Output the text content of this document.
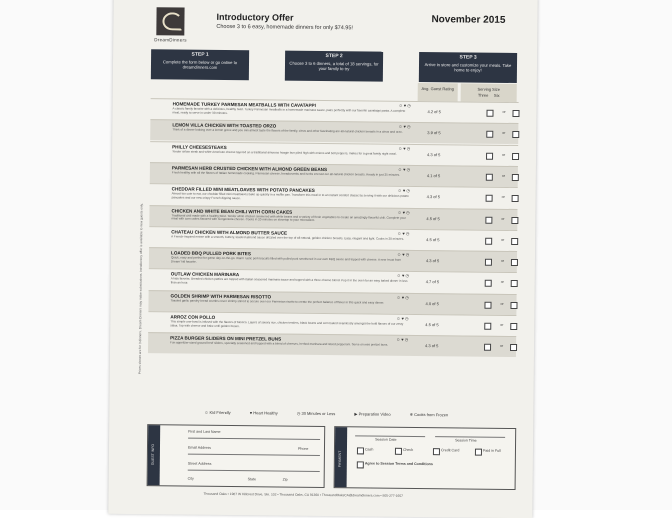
DreamDinners
Introductory Offer
Choose 3 to 6 easy, homemade dinners for only $74.95!
November 2015
STEP 1
Complete the form below or go online to dreamdinners.com
STEP 2
Choose 3 to 6 dinners, a total of 18 servings, for your family to try
STEP 3
Arrive in store and customize your meals. Take home to enjoy!
Avg. Guest Rating	Serving Size
Three Six
Prices shown are for 3 dinners. Dream Dinners may make substitutions. Introductory offer is available to new guests only.
HOMEMADE TURKEY PARMESAN MEATBALLS WITH CAVATAPPI
A classic family favorite with a delicious, healthy twist. Turkey Parmesan meatballs in a homemade marinara sauce, pairs perfectly with our favorite cavatappi pasta. A complete meal, ready to serve in under 30 minutes.
☺ ♥ ◷
4.2 of 5	or
LEMON VILLA CHICKEN WITH TOASTED ORZO
Think of a dinner looking over a lemon grove and you can almost taste the flavors of the family, citrus and other fascinating are all-natural chicken breasts in a citrus and orzo.
☺ ♥ ◷
3.9 of 5	or
PHILLY CHEESESTEAKS
Tender sirloin steak and white American cheese layered on a traditional amoroso hoagie bun piled high with onions and bell peppers, makes for a great family night meal.
☺ ♥ ◷
4.3 of 5	or
PARMESAN HERB CRUSTED CHICKEN WITH ALMOND GREEN BEANS
Fresh healthy with all the flavors of Italian homemade cooking. Parmesan cheese, breadcrumbs and herbs encrust our all-natural chicken breasts. Ready in just 25 minutes.
☺ ♥ ◷
4.1 of 5	or
CHEDDAR FILLED MINI MEATLOAVES WITH POTATO PANCAKES
Almost too cute to eat, our cheddar filled mini meatloaves bake up quickly in a muffin pan. Transform this meal in to an instant comfort classic by serving it with our delicious potato pancakes and our new crispy French dipping sauce.
☺ ♥ ◷
4.3 of 5	or
CHICKEN AND WHITE BEAN CHILI WITH CORN CAKES
Traditional chili made with a healthy twist. Tender white chicken simmered with white beans and a variety of fresh vegetables to create an amazingly flavorful chili. Complete your meal with corn cakes flavored with Gorgonzola cheese. Cooks in 20 minutes on stovetop to your microwave.
☺ ♥ ◷
4.5 of 5	or
CHATEAU CHICKEN WITH ALMOND BUTTER SAUCE
A French-inspired entree with a smooth, buttery, toasted almond sauce drizzled over the top of all-natural, golden chicken breasts. Easy, elegant and light. Cooks in 20 minutes.
☺ ♥ ◷
4.5 of 5	or
LOADED BBQ PULLED PORK BITES
Quick, easy and perfect for game day on-the-go. Warm rustic pork biscuits filled with pulled pork smothered in our own BBQ sauce and topped with cheese. A new 'must from Dream' kid favorite.
☺ ♥ ◷
4.3 of 5	or
OUTLAW CHICKEN MARINARA
A kids favorite, Breaded chicken patties are topped with Italian seasoned marinara sauce and topped with a three cheese blend. Pop it in the oven for an easy baked dinner in less than an hour.
☺ ♥ ◷
4.7 of 5	or
GOLDEN SHRIMP WITH PARMESAN RISOTTO
Toasted garlic parsley bread crumbs cover shrimp stirred to secure over our Parmesan risotto to create the perfect balance of flavor in this quick and easy dinner.
☺ ♥ ◷
4.0 of 5	or
ARROZ CON POLLO
This simple one-bowl is infused with the flavors of Mexico. Layers of savory rice, chicken tenders, black beans and corn baked seamlessly amongst the bold flavors of our zesty salsa. Top with cheese and bake until golden brown.
☺ ♥ ◷
4.5 of 5	or
PIZZA BURGER SLIDERS ON MINI PRETZEL BUNS
Fun appetizer-sized ground beef sliders, specially seasoned and topped with a blend of cheeses, herbed marinara and sliced pepperoni. Serve on mini pretzel buns.
☺ ♥ ◷
4.3 of 5	or
☺ Kid Friendly	♥ Heart Healthy	◷ 30 Minutes or Less	▶ Preparation Video	❄ Cooks from Frozen
GUEST INFO
First and Last Name
Email Address	Phone
Street Address
City	State	Zip
PAYMENT
Session Date	Session Time
Cash	Check	Credit Card	Paid in Full
Agree to Session Terms and Conditions
Thousand Oaks • 1987 W Hillcrest Drive, Ste. 102 • Thousand Oaks, CA 91360 • ThousandOaksCA@dreamdinners.com • 805-277-1657
